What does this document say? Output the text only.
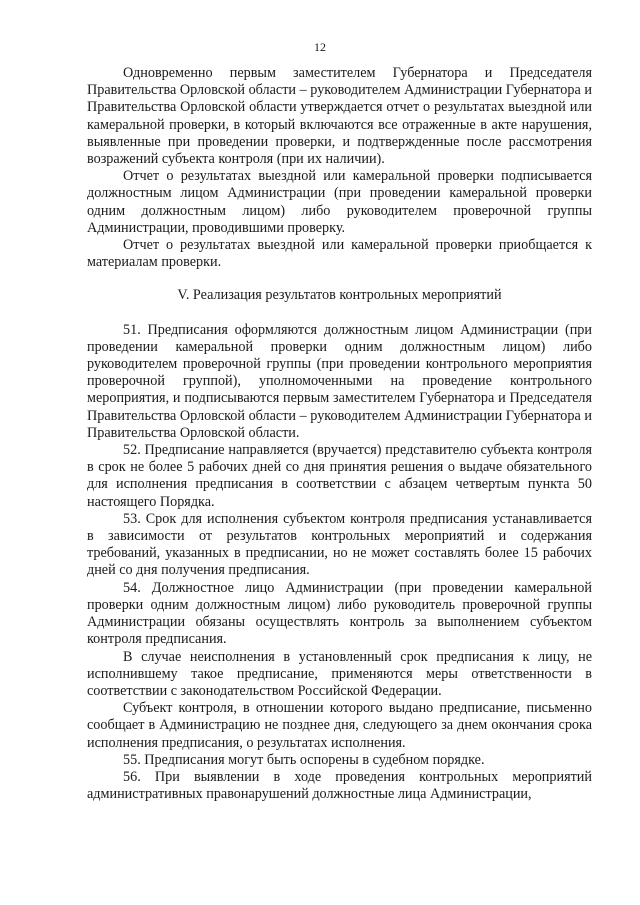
12

Одновременно первым заместителем Губернатора и Председателя Правительства Орловской области – руководителем Администрации Губернатора и Правительства Орловской области утверждается отчет о результатах выездной или камеральной проверки, в который включаются все отраженные в акте нарушения, выявленные при проведении проверки, и подтвержденные после рассмотрения возражений субъекта контроля (при их наличии).

Отчет о результатах выездной или камеральной проверки подписывается должностным лицом Администрации (при проведении камеральной проверки одним должностным лицом) либо руководителем проверочной группы Администрации, проводившими проверку.

Отчет о результатах выездной или камеральной проверки приобщается к материалам проверки.

V. Реализация результатов контрольных мероприятий

51. Предписания оформляются должностным лицом Администрации (при проведении камеральной проверки одним должностным лицом) либо руководителем проверочной группы (при проведении контрольного мероприятия проверочной группой), уполномоченными на проведение контрольного мероприятия, и подписываются первым заместителем Губернатора и Председателя Правительства Орловской области – руководителем Администрации Губернатора и Правительства Орловской области.

52. Предписание направляется (вручается) представителю субъекта контроля в срок не более 5 рабочих дней со дня принятия решения о выдаче обязательного для исполнения предписания в соответствии с абзацем четвертым пункта 50 настоящего Порядка.

53. Срок для исполнения субъектом контроля предписания устанавливается в зависимости от результатов контрольных мероприятий и содержания требований, указанных в предписании, но не может составлять более 15 рабочих дней со дня получения предписания.

54. Должностное лицо Администрации (при проведении камеральной проверки одним должностным лицом) либо руководитель проверочной группы Администрации обязаны осуществлять контроль за выполнением субъектом контроля предписания.

В случае неисполнения в установленный срок предписания к лицу, не исполнившему такое предписание, применяются меры ответственности в соответствии с законодательством Российской Федерации.

Субъект контроля, в отношении которого выдано предписание, письменно сообщает в Администрацию не позднее дня, следующего за днем окончания срока исполнения предписания, о результатах исполнения.

55. Предписания могут быть оспорены в судебном порядке.

56. При выявлении в ходе проведения контрольных мероприятий административных правонарушений должностные лица Администрации,
